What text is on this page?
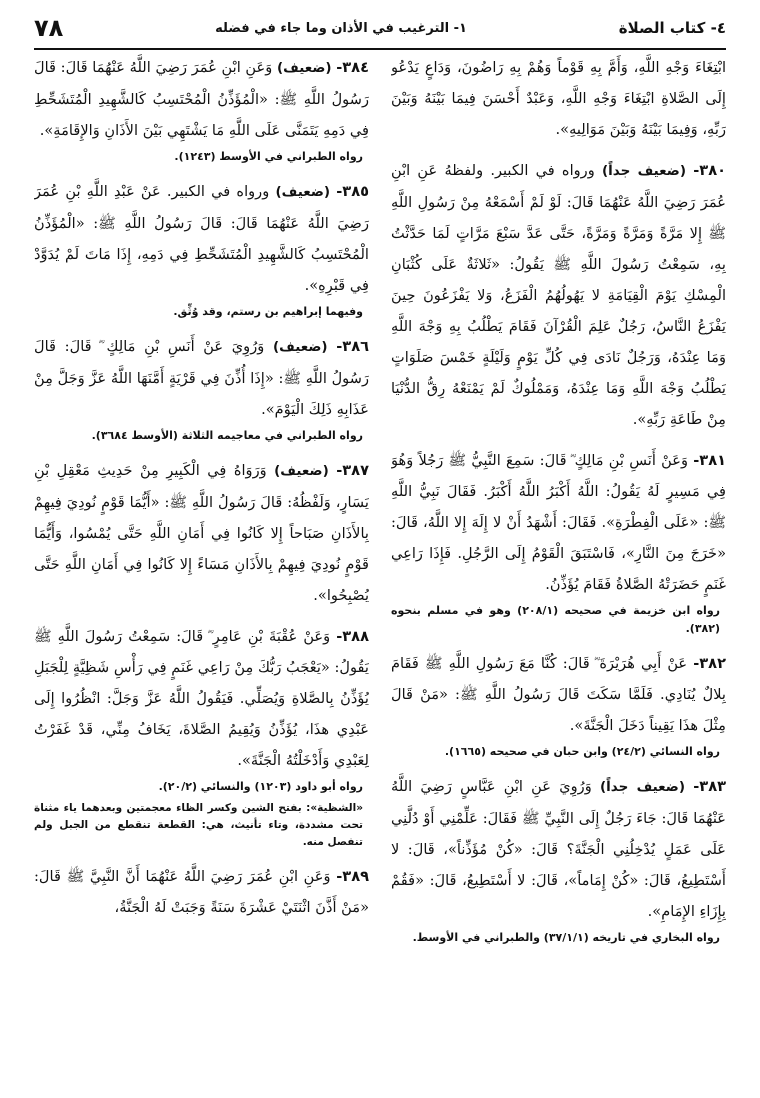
٧٨	١- الترغيب في الأذان وما جاء في فضله	٤- كتاب الصلاة

ابْتِغَاءَ وَجْهِ اللَّهِ، وَأَمَّ بِهِ قَوْماً وَهُمْ بِهِ رَاضُونَ، وَدَاعٍ يَدْعُو إِلَى الصَّلاةِ ابْتِغَاءَ وَجْهِ اللَّهِ، وَعَبْدٌ أَحْسَنَ فِيمَا بَيْنَهُ وَبَيْنَ رَبِّهِ، وَفِيمَا بَيْنَهُ وَبَيْنَ مَوَالِيهِ».

٣٨٠- (ضعيف جداً) ورواه في الكبير. ولفظهُ عَنِ ابْنِ عُمَرَ رَضِيَ اللَّهُ عَنْهُمَا قَالَ: لَوْ لَمْ أَسْمَعْهُ مِنْ رَسُولِ اللَّهِ ﷺ إِلا مَرَّةً وَمَرَّةً وَمَرَّةً، حَتَّى عَدَّ سَبْعَ مَرَّاتٍ لَمَا حَدَّثْتُ بِهِ، سَمِعْتُ رَسُولَ اللَّهِ ﷺ يَقُولُ: «ثَلاثَةٌ عَلَى كُثْبَانِ الْمِسْكِ يَوْمَ الْقِيَامَةِ لا يَهُولُهُمُ الْفَزَعُ، وَلا يَفْزَعُونَ حِينَ يَفْزَعُ النَّاسُ، رَجُلٌ عَلِمَ الْقُرْآنَ فَقَامَ يَطْلُبُ بِهِ وَجْهَ اللَّهِ وَمَا عِنْدَهُ، وَرَجُلٌ نَادَى فِي كُلِّ يَوْمٍ وَلَيْلَةٍ خَمْسَ صَلَوَاتٍ يَطْلُبُ وَجْهَ اللَّهِ وَمَا عِنْدَهُ، وَمَمْلُوكٌ لَمْ يَمْنَعْهُ رِقُّ الدُّنْيَا مِنْ طَاعَةِ رَبِّهِ».

٣٨١- وَعَنْ أَنَسِ بْنِ مَالِكٍ ؓ قَالَ: سَمِعَ النَّبِيُّ ﷺ رَجُلاً وَهُوَ فِي مَسِيرٍ لَهُ يَقُولُ: اللَّهُ أَكْبَرُ اللَّهُ أَكْبَرُ. فَقَالَ نَبِيُّ اللَّهِ ﷺ: «عَلَى الْفِطْرَةِ». فَقَالَ: أَشْهَدُ أَنْ لا إِلَهَ إِلا اللَّهُ، قَالَ: «خَرَجَ مِنَ النَّارِ»، فَاسْتَبَقَ الْقَوْمُ إِلَى الرَّجُلِ. فَإِذَا رَاعِي غَنَمٍ حَضَرَتْهُ الصَّلاةُ فَقَامَ يُؤَذِّنُ.

رواه ابن خزيمة في صحيحه (٢٠٨/١) وهو في مسلم بنحوه (٣٨٢).

٣٨٢- عَنْ أَبِي هُرَيْرَةَ ؓ قَالَ: كُنَّا مَعَ رَسُولِ اللَّهِ ﷺ فَقَامَ بِلالٌ يُنَادِي. فَلَمَّا سَكَتَ قَالَ رَسُولُ اللَّهِ ﷺ: «مَنْ قَالَ مِثْلَ هذَا يَقِيناً دَخَلَ الْجَنَّةَ».

رواه النسائي (٢٤/٢) وابن حبان في صحيحه (١٦٦٥).

٣٨٣- (ضعيف جداً) وَرُوِيَ عَنِ ابْنِ عَبَّاسٍ رَضِيَ اللَّهُ عَنْهُمَا قَالَ: جَاءَ رَجُلٌ إِلَى النَّبِيِّ ﷺ فَقَالَ: عَلِّمْنِي أَوْ دُلَّنِي عَلَى عَمَلٍ يُدْخِلُنِي الْجَنَّةَ؟ قَالَ: «كُنْ مُؤَذِّناً»، قَالَ: لا أَسْتَطِيعُ، قَالَ: «كُنْ إِمَاماً»، قَالَ: لا أَسْتَطِيعُ، قَالَ: «فَقُمْ بِإِزَاءِ الإِمَامِ».

رواه البخاري في تاريخه (٣٧/١/١) والطبراني في الأوسط.

٣٨٤- (ضعيف) وَعَنِ ابْنِ عُمَرَ رَضِيَ اللَّهُ عَنْهُمَا قَالَ: قَالَ رَسُولُ اللَّهِ ﷺ: «الْمُؤَذِّنُ الْمُحْتَسِبُ كَالشَّهِيدِ الْمُتَشَحِّطِ فِي دَمِهِ يَتَمَنَّى عَلَى اللَّهِ مَا يَشْتَهِي بَيْنَ الأَذَانِ وَالإِقَامَةِ».

رواه الطبراني في الأوسط (١٢٤٣).

٣٨٥- (ضعيف) ورواه في الكبير. عَنْ عَبْدِ اللَّهِ بْنِ عُمَرَ رَضِيَ اللَّهُ عَنْهُمَا قَالَ: قَالَ رَسُولُ اللَّهِ ﷺ: «الْمُؤَذِّنُ الْمُحْتَسِبُ كَالشَّهِيدِ الْمُتَشَحِّطِ فِي دَمِهِ، إِذَا مَاتَ لَمْ يُدَوَّدْ فِي قَبْرِهِ».

وفيهما إبراهيم بن رستم، وقد وُثِّق.

٣٨٦- (ضعيف) وَرُوِيَ عَنْ أَنَسِ بْنِ مَالِكٍ ؓ قَالَ: قَالَ رَسُولُ اللَّهِ ﷺ: «إِذَا أُذِّنَ فِي قَرْيَةٍ أَمَّنَهَا اللَّهُ عَزَّ وَجَلَّ مِنْ عَذَابِهِ ذَلِكَ الْيَوْمَ».

رواه الطبراني في معاجيمه الثلاثة (الأوسط ٣٦٨٤).

٣٨٧- (ضعيف) وَرَوَاهُ فِي الْكَبِيرِ مِنْ حَدِيثِ مَعْقِلِ بْنِ يَسَارٍ، وَلَفْظُهُ: قَالَ رَسُولُ اللَّهِ ﷺ: «أَيُّمَا قَوْمٍ نُودِيَ فِيهِمْ بِالأَذَانِ صَبَاحاً إِلا كَانُوا فِي أَمَانِ اللَّهِ حَتَّى يُمْسُوا، وَأَيُّمَا قَوْمٍ نُودِيَ فِيهِمْ بِالأَذَانِ مَسَاءً إِلا كَانُوا فِي أَمَانِ اللَّهِ حَتَّى يُصْبِحُوا».

٣٨٨- وَعَنْ عُقْبَةَ بْنِ عَامِرٍ ؓ قَالَ: سَمِعْتُ رَسُولَ اللَّهِ ﷺ يَقُولُ: «يَعْجَبُ رَبُّكَ مِنْ رَاعِي غَنَمٍ فِي رَأْسِ شَظِيَّةٍ لِلْجَبَلِ يُؤَذِّنُ بِالصَّلاةِ وَيُصَلِّي. فَيَقُولُ اللَّهُ عَزَّ وَجَلَّ: انْظُرُوا إِلَى عَبْدِي هذَا، يُؤَذِّنُ وَيُقِيمُ الصَّلاةَ، يَخَافُ مِنِّي، قَدْ غَفَرْتُ لِعَبْدِي وَأَدْخَلْتُهُ الْجَنَّةَ».

رواه أبو داود (١٢٠٣) والنسائي (٢٠/٢).

«الشظية»: بفتح الشين وكسر الظاء معجمتين وبعدهما ياء مثناة تحت مشددة، وتاء تأنيث، هي: القطعة تنقطع من الجبل ولم تنفصل منه.

٣٨٩- وَعَنِ ابْنِ عُمَرَ رَضِيَ اللَّهُ عَنْهُمَا أَنَّ النَّبِيَّ ﷺ قَالَ: «مَنْ أَذَّنَ اثْنَتَيْ عَشْرَةَ سَنَةً وَجَبَتْ لَهُ الْجَنَّةُ،
